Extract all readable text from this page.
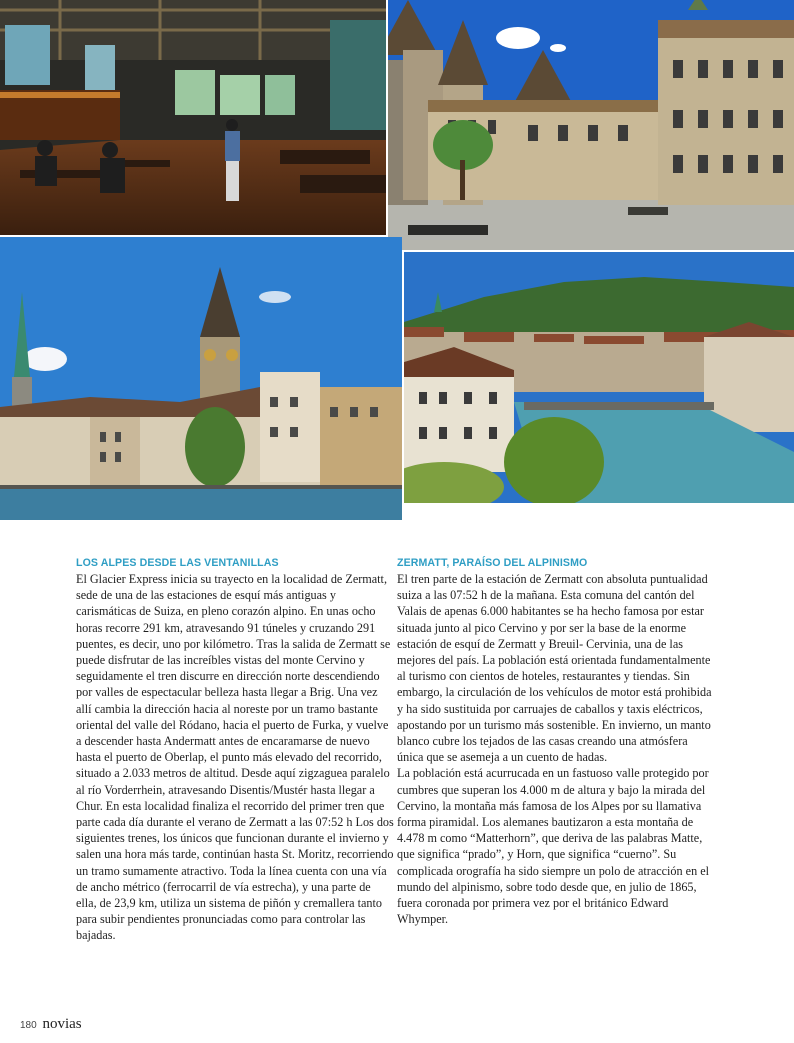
LOS ALPES DESDE LAS VENTANILLAS

El Glacier Express inicia su trayecto en la localidad de Zermatt, sede de una de las estaciones de esquí más antiguas y carismáticas de Suiza, en pleno corazón alpino. En unas ocho horas recorre 291 km, atravesando 91 túneles y cruzando 291 puentes, es decir, uno por kilómetro. Tras la salida de Zermatt se puede disfrutar de las increíbles vistas del monte Cervino y seguidamente el tren discurre en dirección norte descendiendo por valles de espectacular belleza hasta llegar a Brig. Una vez allí cambia la dirección hacia al noreste por un tramo bastante oriental del valle del Ródano, hacia el puerto de Furka, y vuelve a descender hasta Andermatt antes de encaramarse de nuevo hasta el puerto de Oberlap, el punto más elevado del recorrido, situado a 2.033 metros de altitud. Desde aquí zigzaguea paralelo al río Vorderrhein, atravesando Disentis/Mustér hasta llegar a Chur. En esta localidad finaliza el recorrido del primer tren que parte cada día durante el verano de Zermatt a las 07:52 h Los dos siguientes trenes, los únicos que funcionan durante el invierno y salen una hora más tarde, continúan hasta St. Moritz, recorriendo un tramo sumamente atractivo. Toda la línea cuenta con una vía de ancho métrico (ferrocarril de vía estrecha), y una parte de ella, de 23,9 km, utiliza un sistema de piñón y cremallera tanto para subir pendientes pronunciadas como para controlar las bajadas.

ZERMATT, PARAÍSO DEL ALPINISMO

El tren parte de la estación de Zermatt con absoluta puntualidad suiza a las 07:52 h de la mañana. Esta comuna del cantón del Valais de apenas 6.000 habitantes se ha hecho famosa por estar situada junto al pico Cervino y por ser la base de la enorme estación de esquí de Zermatt y Breuil- Cervinia, una de las mejores del país. La población está orientada fundamentalmente al turismo con cientos de hoteles, restaurantes y tiendas. Sin embargo, la circulación de los vehículos de motor está prohibida y ha sido sustituida por carruajes de caballos y taxis eléctricos, apostando por un turismo más sostenible. En invierno, un manto blanco cubre los tejados de las casas creando una atmósfera única que se asemeja a un cuento de hadas.

La población está acurrucada en un fastuoso valle protegido por cumbres que superan los 4.000 m de altura y bajo la mirada del Cervino, la montaña más famosa de los Alpes por su llamativa forma piramidal. Los alemanes bautizaron a esta montaña de 4.478 m como “Matterhorn”, que deriva de las palabras Matte, que significa “prado”, y Horn, que significa “cuerno”. Su complicada orografía ha sido siempre un polo de atracción en el mundo del alpinismo, sobre todo desde que, en julio de 1865, fuera coronada por primera vez por el británico Edward Whymper.

180 novias
